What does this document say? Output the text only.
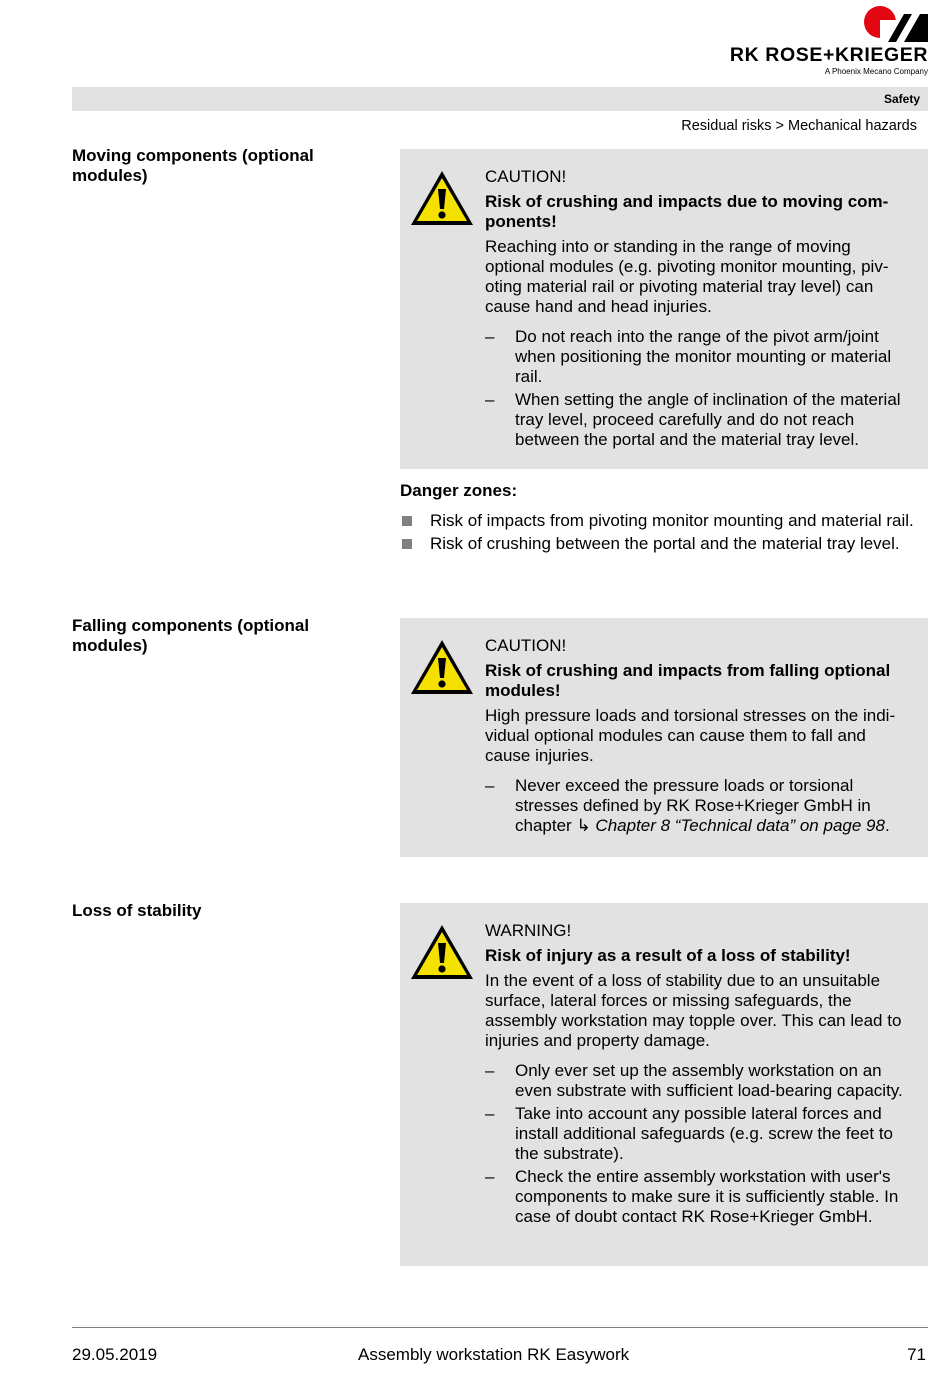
RK ROSE+KRIEGER
A Phoenix Mecano Company
Safety
Residual risks > Mechanical hazards
Moving components (optional modules)	CAUTION!
Risk of crushing and impacts due to moving components!
Reaching into or standing in the range of moving optional modules (e.g. pivoting monitor mounting, pivoting material rail or pivoting material tray level) can cause hand and head injuries.
– Do not reach into the range of the pivot arm/joint when positioning the monitor mounting or material rail.
– When setting the angle of inclination of the material tray level, proceed carefully and do not reach between the portal and the material tray level.
Danger zones:
Risk of impacts from pivoting monitor mounting and material rail.
Risk of crushing between the portal and the material tray level.
Falling components (optional modules)	CAUTION!
Risk of crushing and impacts from falling optional modules!
High pressure loads and torsional stresses on the individual optional modules can cause them to fall and cause injuries.
– Never exceed the pressure loads or torsional stresses defined by RK Rose+Krieger GmbH in chapter ↳ Chapter 8 “Technical data” on page 98.
Loss of stability
WARNING!
Risk of injury as a result of a loss of stability!
In the event of a loss of stability due to an unsuitable surface, lateral forces or missing safeguards, the assembly workstation may topple over. This can lead to injuries and property damage.
– Only ever set up the assembly workstation on an even substrate with sufficient load-bearing capacity.
– Take into account any possible lateral forces and install additional safeguards (e.g. screw the feet to the substrate).
– Check the entire assembly workstation with user's components to make sure it is sufficiently stable. In case of doubt contact RK Rose+Krieger GmbH.
29.05.2019	Assembly workstation RK Easywork	71
